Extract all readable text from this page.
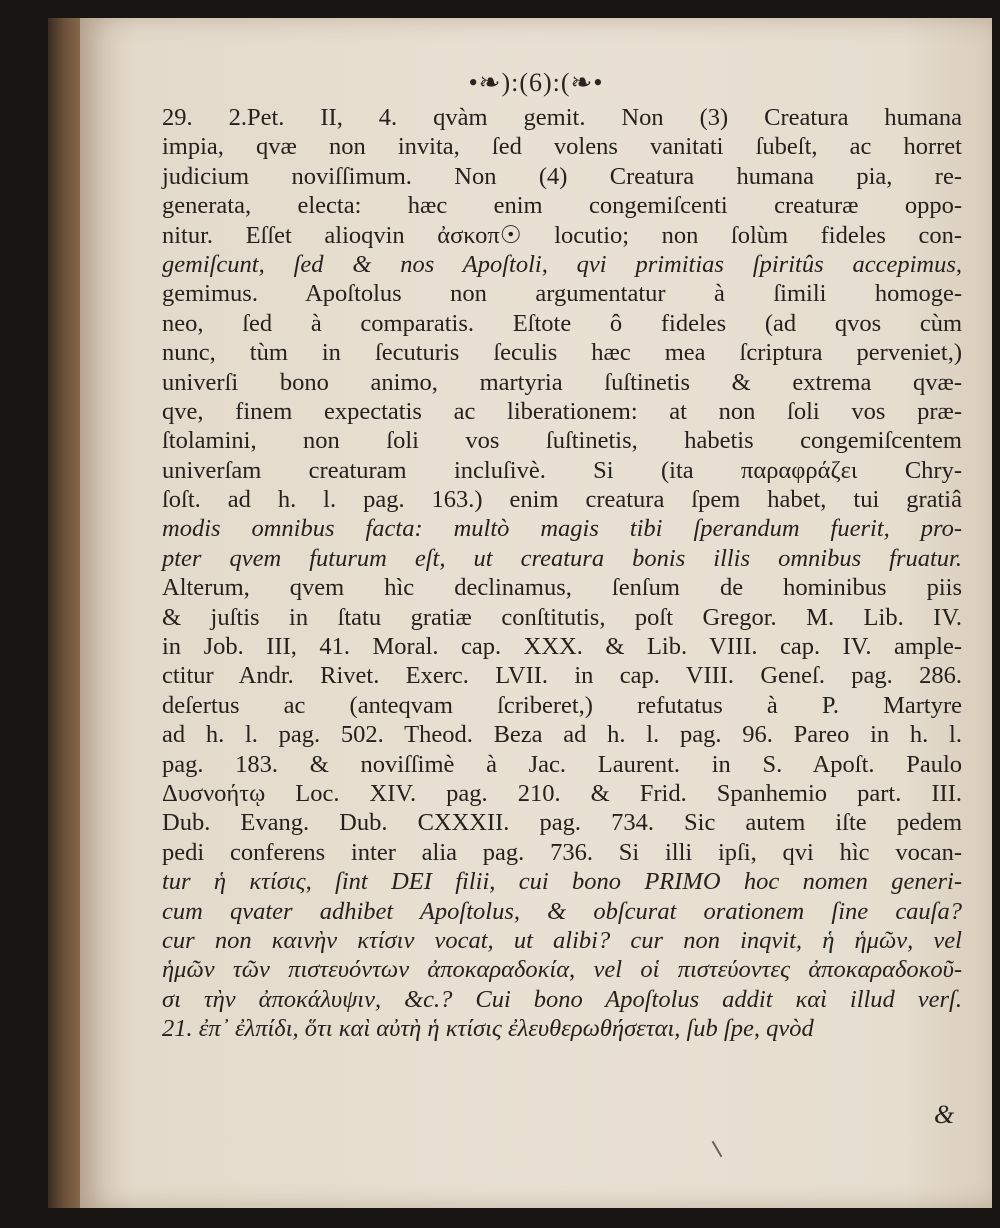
•❧):(6):(❧•
29. 2.Pet. II, 4. qvàm gemit. Non (3) Creatura humana
impia, qvæ non invita, ſed volens vanitati ſubeſt, ac horret
judicium noviſſimum. Non (4) Creatura humana pia, re-
generata, electa: hæc enim congemiſcenti creaturæ oppo-
nitur. Eſſet alioqvin ἀσκοπ☉ locutio; non ſolùm fideles con-
gemiſcunt, ſed & nos Apoſtoli, qvi primitias ſpiritûs accepimus,
gemimus. Apoſtolus non argumentatur à ſimili homoge-
neo, ſed à comparatis. Eſtote ô fideles (ad qvos cùm
nunc, tùm in ſecuturis ſeculis hæc mea ſcriptura perveniet,)
univerſi bono animo, martyria ſuſtinetis & extrema qvæ-
qve, finem expectatis ac liberationem: at non ſoli vos præ-
ſtolamini, non ſoli vos ſuſtinetis, habetis congemiſcentem
univerſam creaturam incluſivè. Si (ita παραφράζει Chry-
ſoſt. ad h. l. pag. 163.) enim creatura ſpem habet, tui gratiâ
modis omnibus facta: multò magis tibi ſperandum fuerit, pro-
pter qvem futurum eſt, ut creatura bonis illis omnibus fruatur.
Alterum, qvem hìc declinamus, ſenſum de hominibus piis
& juſtis in ſtatu gratiæ conſtitutis, poſt Gregor. M. Lib. IV.
in Job. III, 41. Moral. cap. XXX. & Lib. VIII. cap. IV. ample-
ctitur Andr. Rivet. Exerc. LVII. in cap. VIII. Geneſ. pag. 286.
deſertus ac (anteqvam ſcriberet,) refutatus à P. Martyre
ad h. l. pag. 502. Theod. Beza ad h. l. pag. 96. Pareo in h. l.
pag. 183. & noviſſimè à Jac. Laurent. in S. Apoſt. Paulo
Δυσνοήτῳ Loc. XIV. pag. 210. & Frid. Spanhemio part. III.
Dub. Evang. Dub. CXXXII. pag. 734. Sic autem iſte pedem
pedi conferens inter alia pag. 736. Si illi ipſi, qvi hìc vocan-
tur ἡ κτίσις, ſint DEI filii, cui bono PRIMO hoc nomen generi-
cum qvater adhibet Apoſtolus, & obſcurat orationem ſine cauſa?
cur non καινὴν κτίσιν vocat, ut alibi? cur non inqvit, ἡ ἡμῶν, vel
ἡμῶν τῶν πιστευόντων ἀποκαραδοκία, vel οἱ πιστεύοντες ἀποκαραδοκοῦ-
σι τὴν ἀποκάλυψιν, &c.? Cui bono Apoſtolus addit καὶ illud verſ.
21. ἐπ᾽ ἐλπίδι, ὅτι καὶ αὐτὴ ἡ κτίσις ἐλευθερωθήσεται, ſub ſpe, qvòd
&
